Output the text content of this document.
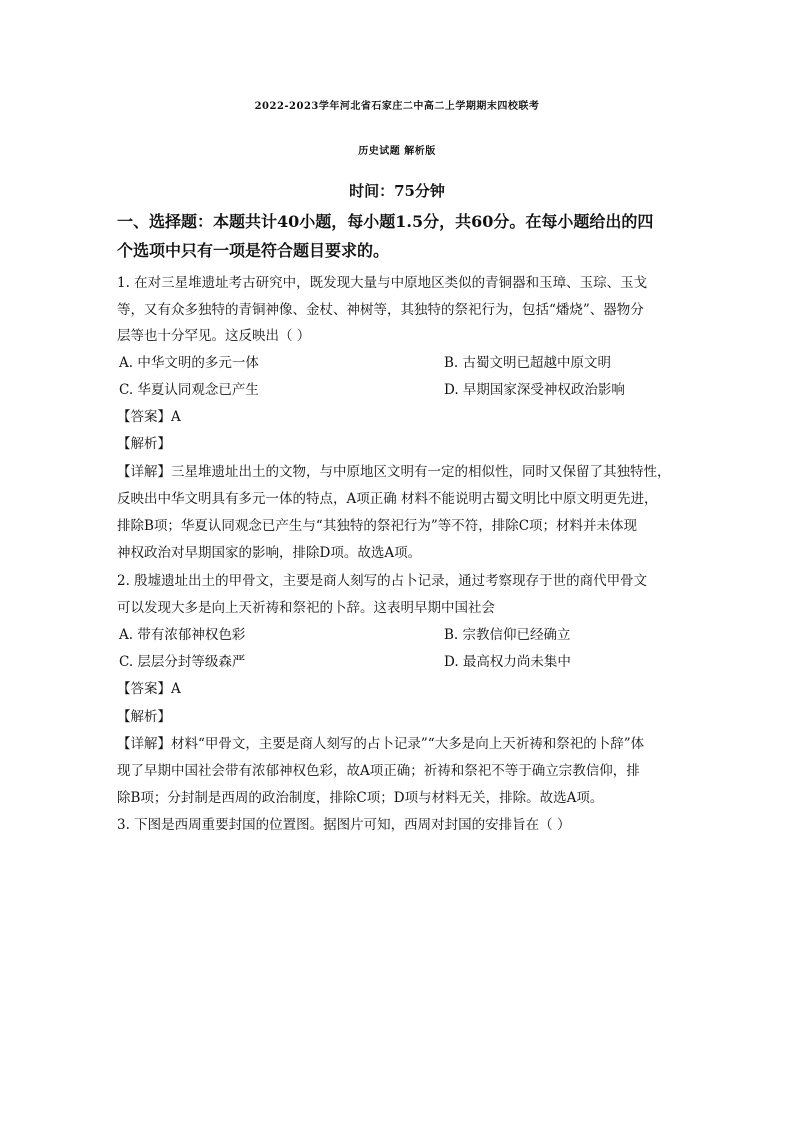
2022-2023学年河北省石家庄二中高二上学期期末四校联考
历史试题 解析版
时间：75分钟
一、选择题：本题共计40小题，每小题1.5分，共60分。在每小题给出的四
个选项中只有一项是符合题目要求的。
1. 在对三星堆遗址考古研究中，既发现大量与中原地区类似的青铜器和玉璋、玉琮、玉戈
等，又有众多独特的青铜神像、金杖、神树等，其独特的祭祀行为，包括“燔烧”、器物分
层等也十分罕见。这反映出（ ）
A. 中华文明的多元一体	B. 古蜀文明已超越中原文明
C. 华夏认同观念已产生	D. 早期国家深受神权政治影响
【答案】A
【解析】
【详解】三星堆遗址出土的文物，与中原地区文明有一定的相似性，同时又保留了其独特性，
反映出中华文明具有多元一体的特点，A项正确 材料不能说明古蜀文明比中原文明更先进，
排除B项；华夏认同观念已产生与“其独特的祭祀行为”等不符，排除C项；材料并未体现
神权政治对早期国家的影响，排除D项。故选A项。
2. 殷墟遗址出土的甲骨文，主要是商人刻写的占卜记录，通过考察现存于世的商代甲骨文
可以发现大多是向上天祈祷和祭祀的卜辞。这表明早期中国社会
A. 带有浓郁神权色彩	B. 宗教信仰已经确立
C. 层层分封等级森严	D. 最高权力尚未集中
【答案】A
【解析】
【详解】材料“甲骨文，主要是商人刻写的占卜记录”“大多是向上天祈祷和祭祀的卜辞”体
现了早期中国社会带有浓郁神权色彩，故A项正确；祈祷和祭祀不等于确立宗教信仰，排
除B项；分封制是西周的政治制度，排除C项；D项与材料无关，排除。故选A项。
3. 下图是西周重要封国的位置图。据图片可知，西周对封国的安排旨在（ ）
